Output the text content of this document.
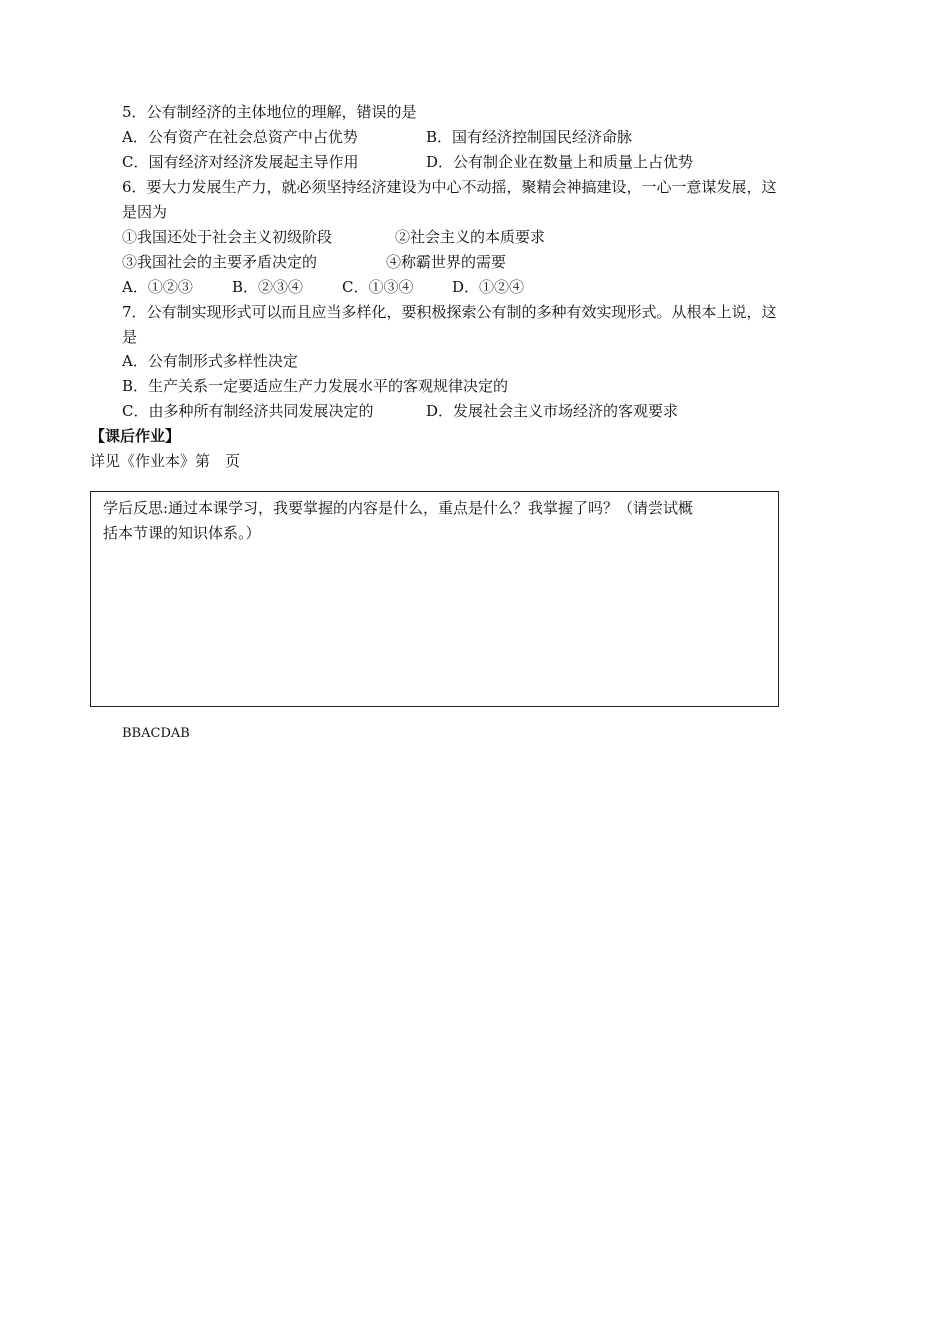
5．公有制经济的主体地位的理解，错误的是
A．公有资产在社会总资产中占优势	B．国有经济控制国民经济命脉
C．国有经济对经济发展起主导作用	D．公有制企业在数量上和质量上占优势
6．要大力发展生产力，就必须坚持经济建设为中心不动摇，聚精会神搞建设，一心一意谋发展，这
是因为
①我国还处于社会主义初级阶段	②社会主义的本质要求
③我国社会的主要矛盾决定的	④称霸世界的需要
A．①②③	B．②③④	C．①③④	D．①②④
7．公有制实现形式可以而且应当多样化，要积极探索公有制的多种有效实现形式。从根本上说，这
是
A．公有制形式多样性决定
B．生产关系一定要适应生产力发展水平的客观规律决定的
C．由多种所有制经济共同发展决定的	D．发展社会主义市场经济的客观要求
【课后作业】
详见《作业本》第　页
学后反思:通过本课学习，我要掌握的内容是什么，重点是什么？我掌握了吗？（请尝试概
括本节课的知识体系。）
BBACDAB
